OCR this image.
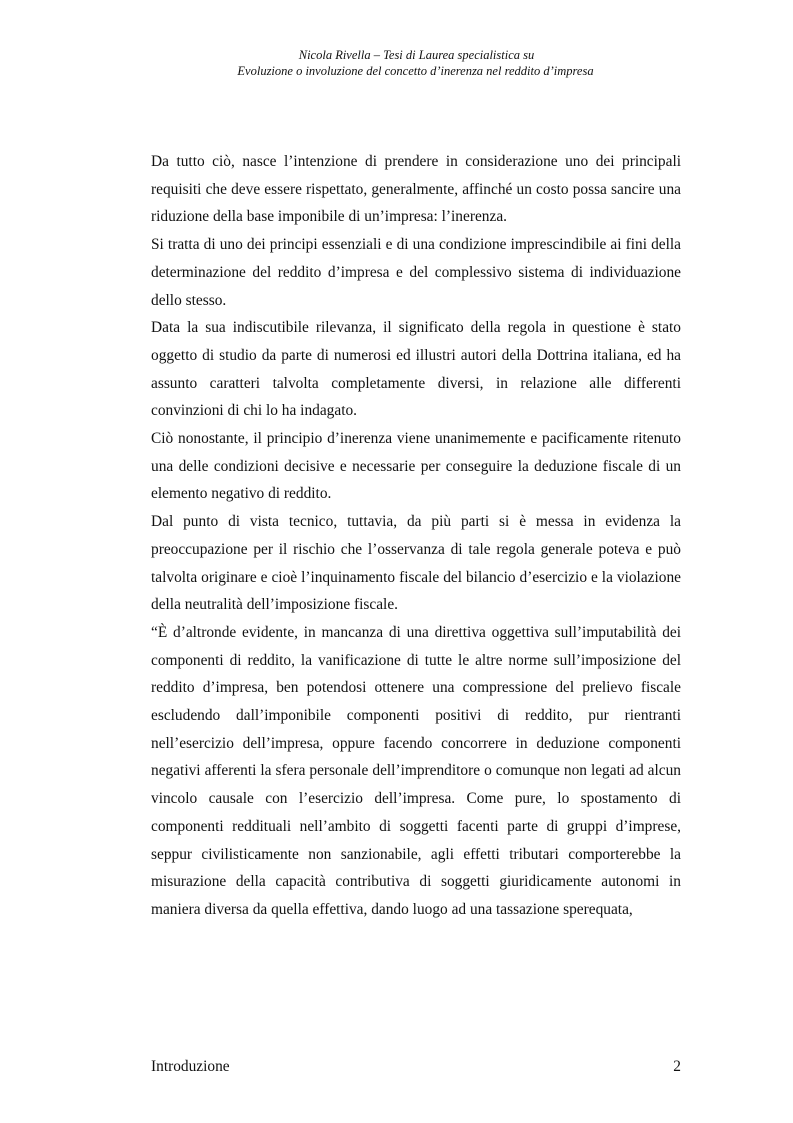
Nicola Rivella – Tesi di Laurea specialistica su
Evoluzione o involuzione del concetto d’inerenza nel reddito d’impresa

Da tutto ciò, nasce l’intenzione di prendere in considerazione uno dei principali requisiti che deve essere rispettato, generalmente, affinché un costo possa sancire una riduzione della base imponibile di un’impresa: l’inerenza.

Si tratta di uno dei principi essenziali e di una condizione imprescindibile ai fini della determinazione del reddito d’impresa e del complessivo sistema di individuazione dello stesso.

Data la sua indiscutibile rilevanza, il significato della regola in questione è stato oggetto di studio da parte di numerosi ed illustri autori della Dottrina italiana, ed ha assunto caratteri talvolta completamente diversi, in relazione alle differenti convinzioni di chi lo ha indagato.

Ciò nonostante, il principio d’inerenza viene unanimemente e pacificamente ritenuto una delle condizioni decisive e necessarie per conseguire la deduzione fiscale di un elemento negativo di reddito.

Dal punto di vista tecnico, tuttavia, da più parti si è messa in evidenza la preoccupazione per il rischio che l’osservanza di tale regola generale poteva e può talvolta originare e cioè l’inquinamento fiscale del bilancio d’esercizio e la violazione della neutralità dell’imposizione fiscale.

“È d’altronde evidente, in mancanza di una direttiva oggettiva sull’imputabilità dei componenti di reddito, la vanificazione di tutte le altre norme sull’imposizione del reddito d’impresa, ben potendosi ottenere una compressione del prelievo fiscale escludendo dall’imponibile componenti positivi di reddito, pur rientranti nell’esercizio dell’impresa, oppure facendo concorrere in deduzione componenti negativi afferenti la sfera personale dell’imprenditore o comunque non legati ad alcun vincolo causale con l’esercizio dell’impresa. Come pure, lo spostamento di componenti reddituali nell’ambito di soggetti facenti parte di gruppi d’imprese, seppur civilisticamente non sanzionabile, agli effetti tributari comporterebbe la misurazione della capacità contributiva di soggetti giuridicamente autonomi in maniera diversa da quella effettiva, dando luogo ad una tassazione sperequata,

Introduzione	2
